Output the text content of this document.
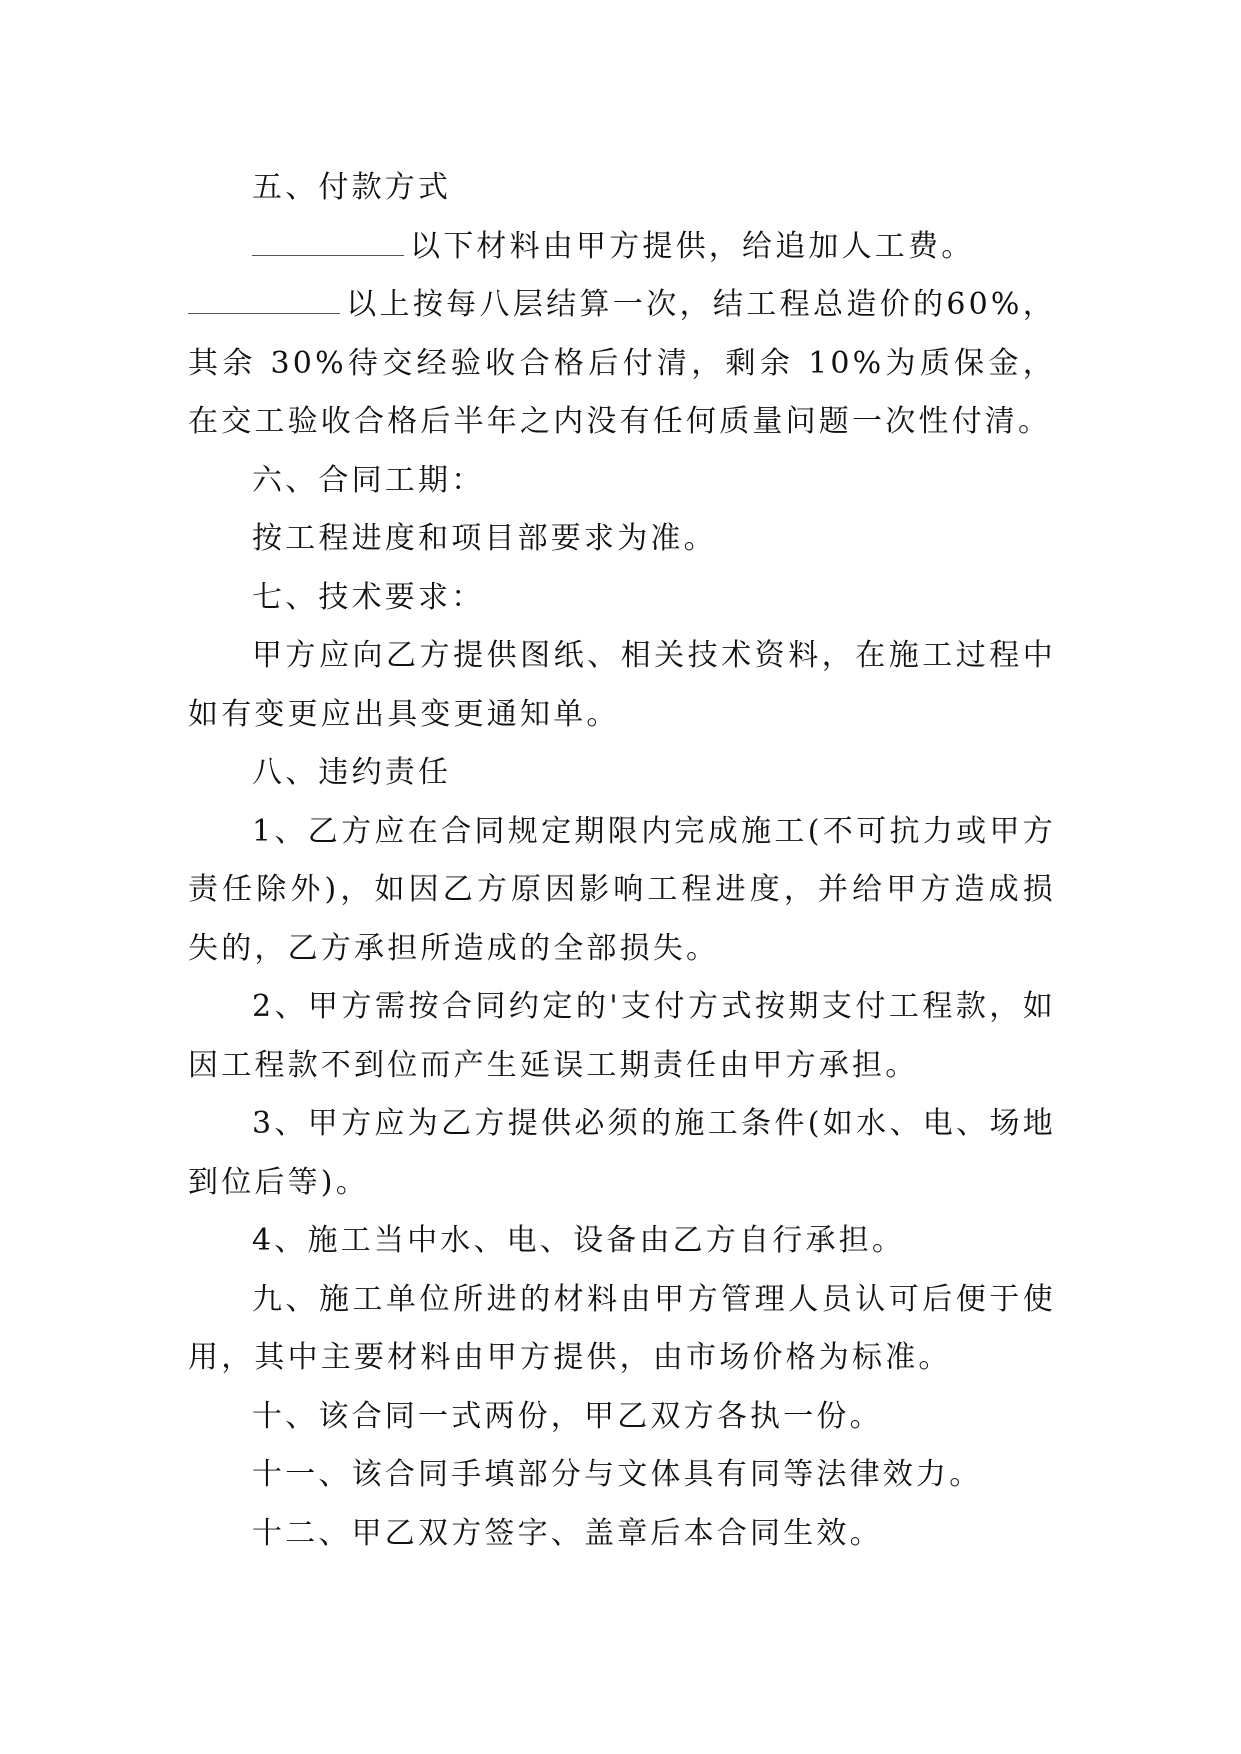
五、付款方式

以下材料由甲方提供，给追加人工费。

以上按每八层结算一次，结工程总造价的60%，其余 30%待交经验收合格后付清，剩余 10%为质保金，在交工验收合格后半年之内没有任何质量问题一次性付清。

六、合同工期：

按工程进度和项目部要求为准。

七、技术要求：

甲方应向乙方提供图纸、相关技术资料，在施工过程中如有变更应出具变更通知单。

八、违约责任

1、乙方应在合同规定期限内完成施工(不可抗力或甲方责任除外)，如因乙方原因影响工程进度，并给甲方造成损失的，乙方承担所造成的全部损失。

2、甲方需按合同约定的'支付方式按期支付工程款，如因工程款不到位而产生延误工期责任由甲方承担。

3、甲方应为乙方提供必须的施工条件(如水、电、场地到位后等)。

4、施工当中水、电、设备由乙方自行承担。

九、施工单位所进的材料由甲方管理人员认可后便于使用，其中主要材料由甲方提供，由市场价格为标准。

十、该合同一式两份，甲乙双方各执一份。

十一、该合同手填部分与文体具有同等法律效力。

十二、甲乙双方签字、盖章后本合同生效。
